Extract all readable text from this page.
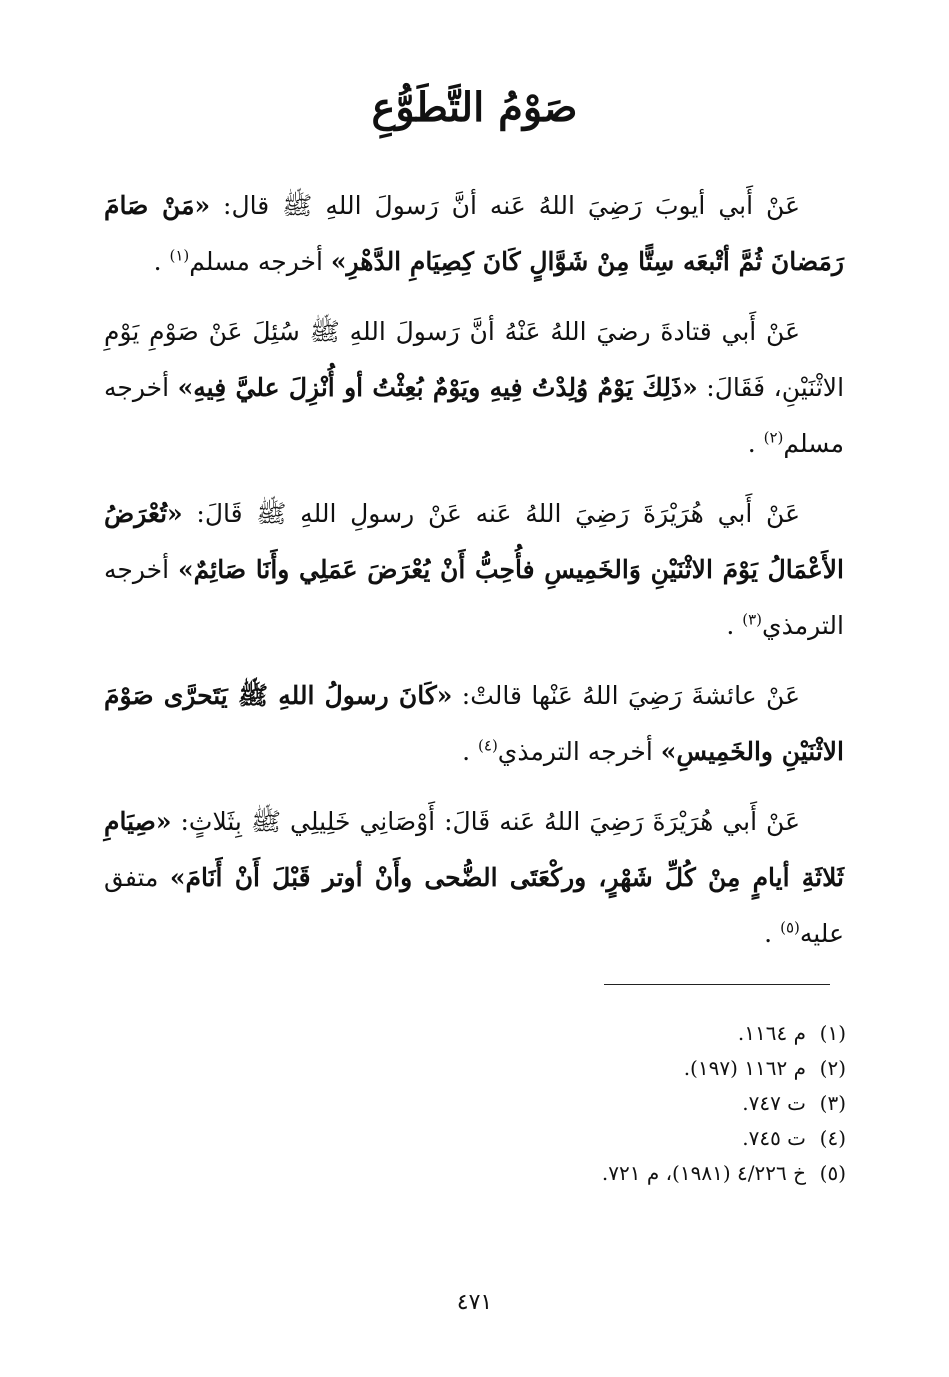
صَوْمُ التَّطَوُّعِ

عَنْ أَبي أيوبَ رَضِيَ اللهُ عَنه أنَّ رَسولَ اللهِ ﷺ قال: «مَنْ صَامَ رَمَضانَ ثُمَّ أتْبعَه سِتًّا مِنْ شَوَّالٍ كَانَ كِصِيَامِ الدَّهْرِ» أخرجه مسلم$^{(١)}$ .

عَنْ أَبي قتادةَ رضيَ اللهُ عَنْهُ أنَّ رَسولَ اللهِ ﷺ سُئِلَ عَنْ صَوْمِ يَوْمِ الاثْنَيْنِ، فَقَالَ: «ذَلِكَ يَوْمٌ وُلِدْتُ فِيهِ ويَوْمٌ بُعِثْتُ أو أُنْزِلَ عليَّ فِيهِ» أخرجه مسلم$^{(٢)}$ .

عَنْ أَبي هُرَيْرَةَ رَضِيَ اللهُ عَنه عَنْ رسولِ اللهِ ﷺ قَالَ: «تُعْرَضُ الأَعْمَالُ يَوْمَ الاثْنَيْنِ وَالخَمِيسِ فأُحِبُّ أَنْ يُعْرَضَ عَمَلِي وأَنَا صَائِمٌ» أخرجه الترمذي$^{(٣)}$ .

عَنْ عائشةَ رَضِيَ اللهُ عَنْها قالتْ: «كَانَ رسولُ اللهِ ﷺ يَتَحرَّى صَوْمَ الاثْنَيْنِ والخَمِيسِ» أخرجه الترمذي$^{(٤)}$ .

عَنْ أَبي هُرَيْرَةَ رَضِيَ اللهُ عَنه قَالَ: أَوْصَانِي خَلِيلِي ﷺ بِثَلاثٍ: «صِيَامِ ثَلاثَةِ أيامٍ مِنْ كُلِّ شَهْرٍ، وركْعَتَى الضُّحى وأَنْ أوتر قَبْلَ أَنْ أَنَامَ» متفق عليه$^{(٥)}$ .

(١)م ١١٦٤.
(٢)م ١١٦٢ (١٩٧).
(٣)ت ٧٤٧.
(٤)ت ٧٤٥.
(٥)خ ٤/٢٢٦ (١٩٨١)، م ٧٢١.
٤٧١
